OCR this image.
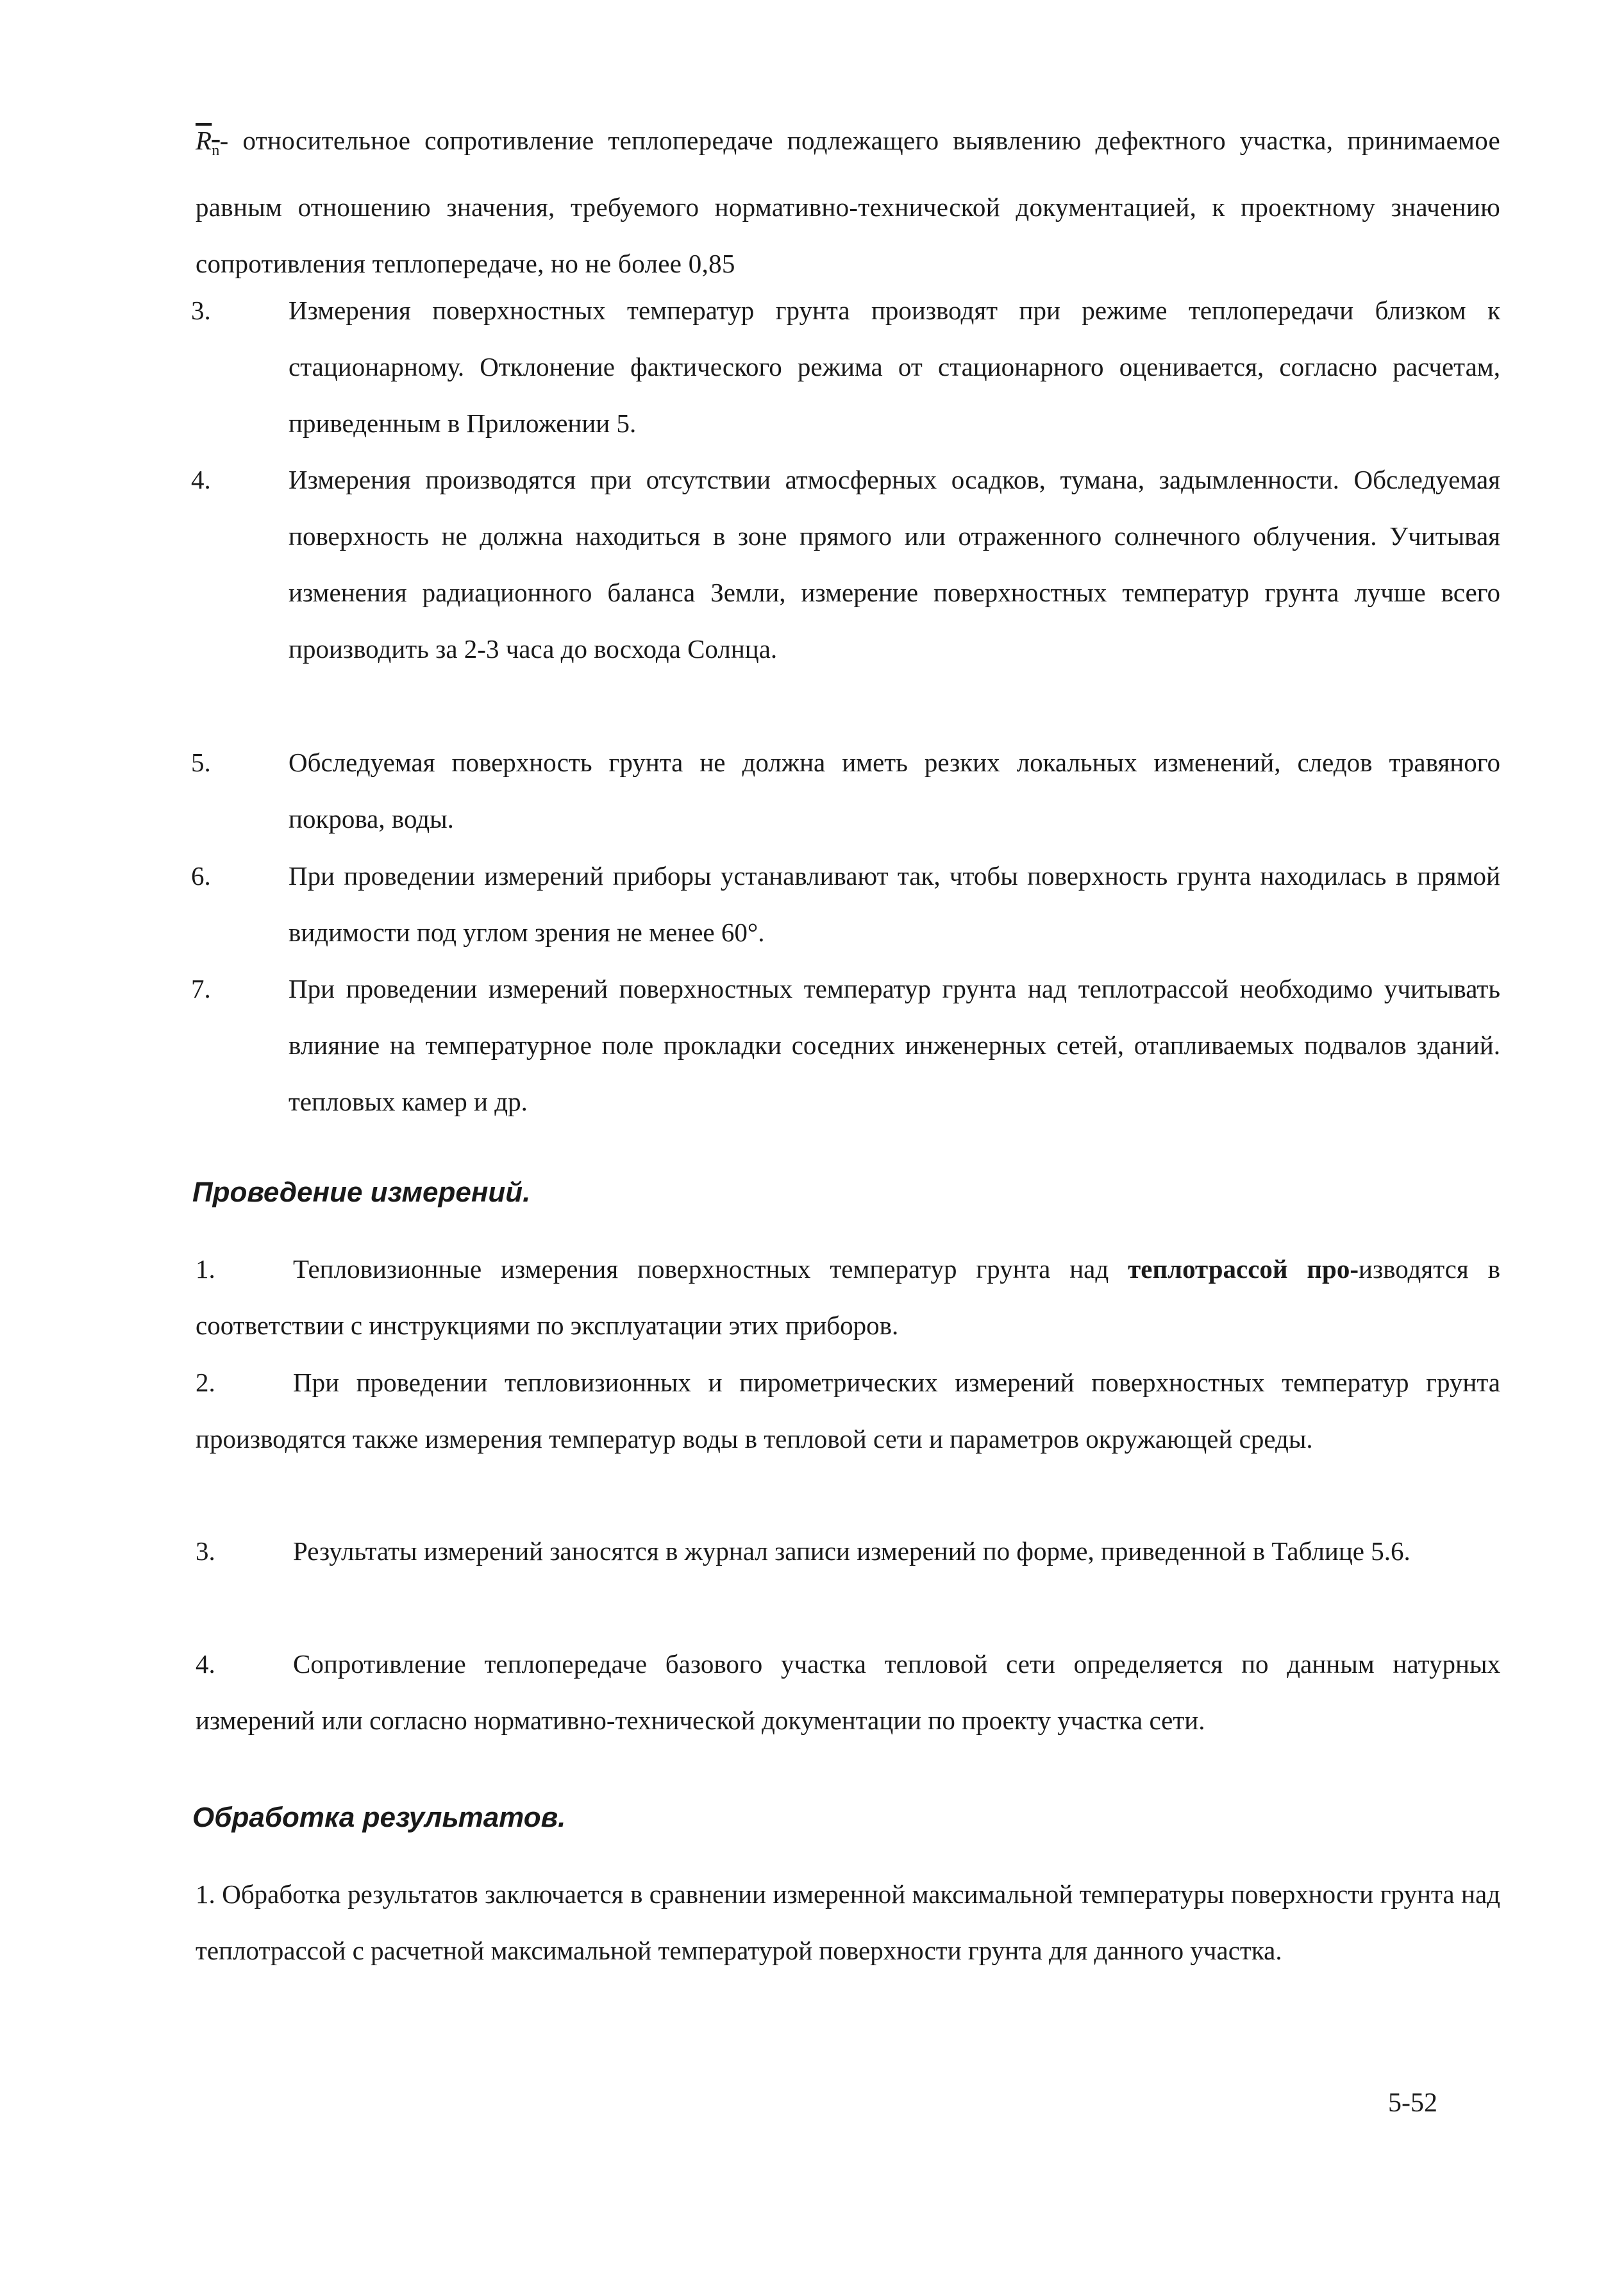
$R_n-$ относительное сопротивление теплопередаче подлежащего выявлению дефектного участка, принимаемое равным отношению значения, требуемого нормативно-технической документацией, к проектному значению сопротивления теплопередаче, но не более 0,85
3.	Измерения поверхностных температур грунта производят при режиме теплопередачи близком к стационарному. Отклонение фактического режима от стационарного оценивается, согласно расчетам, приведенным в Приложении 5.
4.	Измерения производятся при отсутствии атмосферных осадков, тумана, задымленности. Обследуемая поверхность не должна находиться в зоне прямого или отраженного солнечного облучения. Учитывая изменения радиационного баланса Земли, измерение поверхностных температур грунта лучше всего производить за 2-3 часа до восхода Солнца.
5.	Обследуемая поверхность грунта не должна иметь резких локальных изменений, следов травяного покрова, воды.
6.	При проведении измерений приборы устанавливают так, чтобы поверхность грунта находилась в прямой видимости под углом зрения не менее 60°.
7.	При проведении измерений поверхностных температур грунта над теплотрассой необходимо учитывать влияние на температурное поле прокладки соседних инженерных сетей, отапливаемых подвалов зданий. тепловых камер и др.
Проведение измерений.
1.	Тепловизионные измерения поверхностных температур грунта над теплотрассой про-изводятся в соответствии с инструкциями по эксплуатации этих приборов.
2.	При проведении тепловизионных и пирометрических измерений поверхностных температур грунта производятся также измерения температур воды в тепловой сети и параметров окружающей среды.
3.	Результаты измерений заносятся в журнал записи измерений по форме, приведенной в Таблице 5.6.
4.	Сопротивление теплопередаче базового участка тепловой сети определяется по данным натурных измерений или согласно нормативно-технической документации по проекту участка сети.
Обработка результатов.
1. Обработка результатов заключается в сравнении измеренной максимальной температуры поверхности грунта над теплотрассой с расчетной максимальной температурой поверхности грунта для данного участка.
5-52
